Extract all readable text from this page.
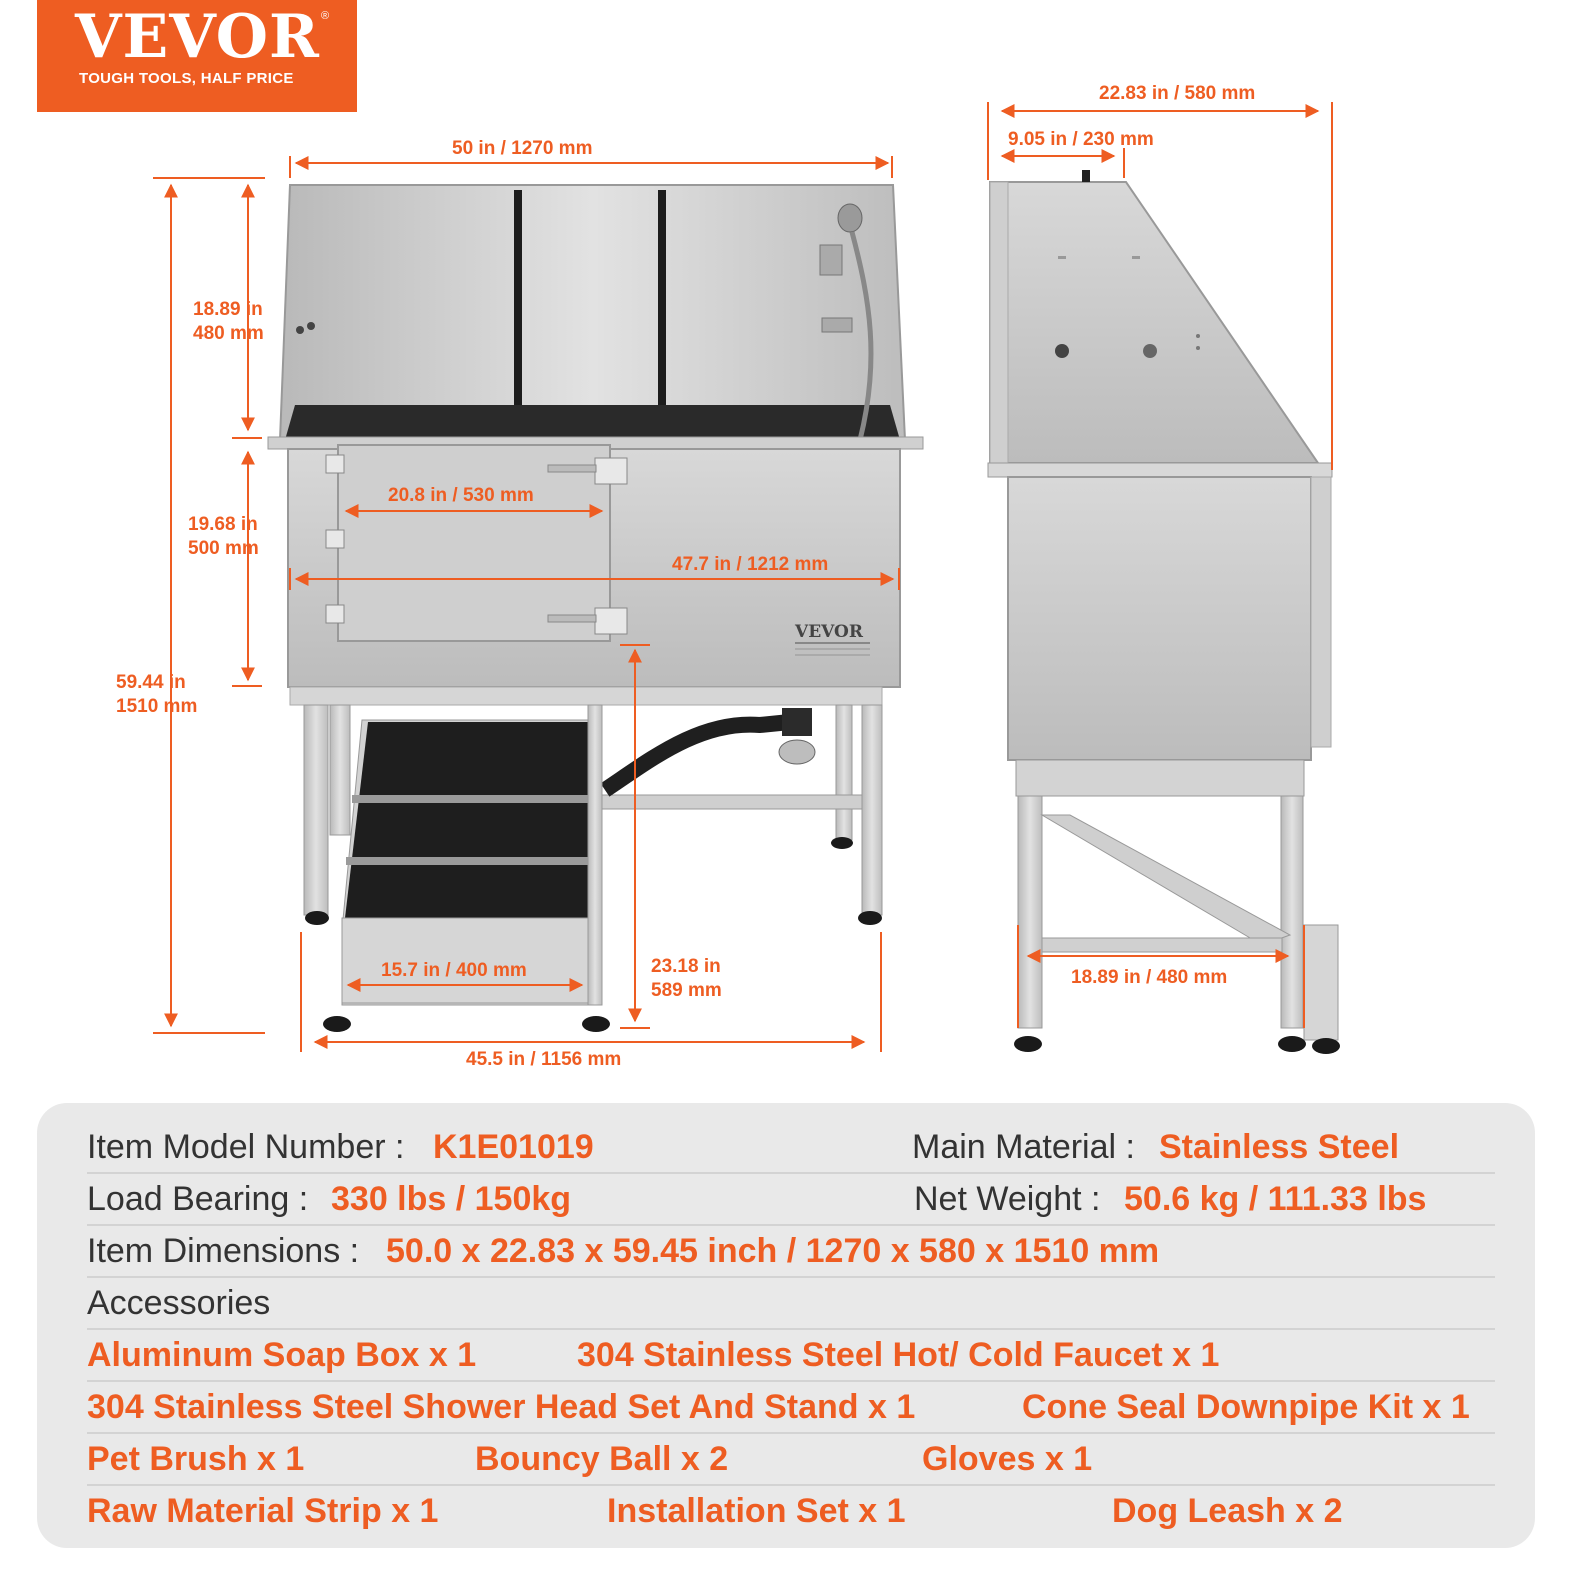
VEVOR ®
TOUGH TOOLS, HALF PRICE
VEVOR
50 in / 1270 mm
18.89 in
480 mm
19.68 in
500 mm
59.44 in
1510 mm
20.8 in / 530 mm
47.7 in / 1212 mm
15.7 in / 400 mm	23.18 in
589 mm
45.5 in / 1156 mm
22.83 in / 580 mm
9.05 in / 230 mm
18.89 in / 480 mm
Item Model Number : K1E01019	Main Material : Stainless Steel
Load Bearing : 330 lbs / 150kg	Net Weight : 50.6 kg / 111.33 lbs
Item Dimensions : 50.0 x 22.83 x 59.45 inch / 1270 x 580 x 1510 mm
Accessories
Aluminum Soap Box x 1	304 Stainless Steel Hot/ Cold Faucet x 1
304 Stainless Steel Shower Head Set And Stand x 1	Cone Seal Downpipe Kit x 1
Pet Brush x 1	Bouncy Ball x 2	Gloves x 1
Raw Material Strip x 1	Installation Set x 1	Dog Leash x 2
